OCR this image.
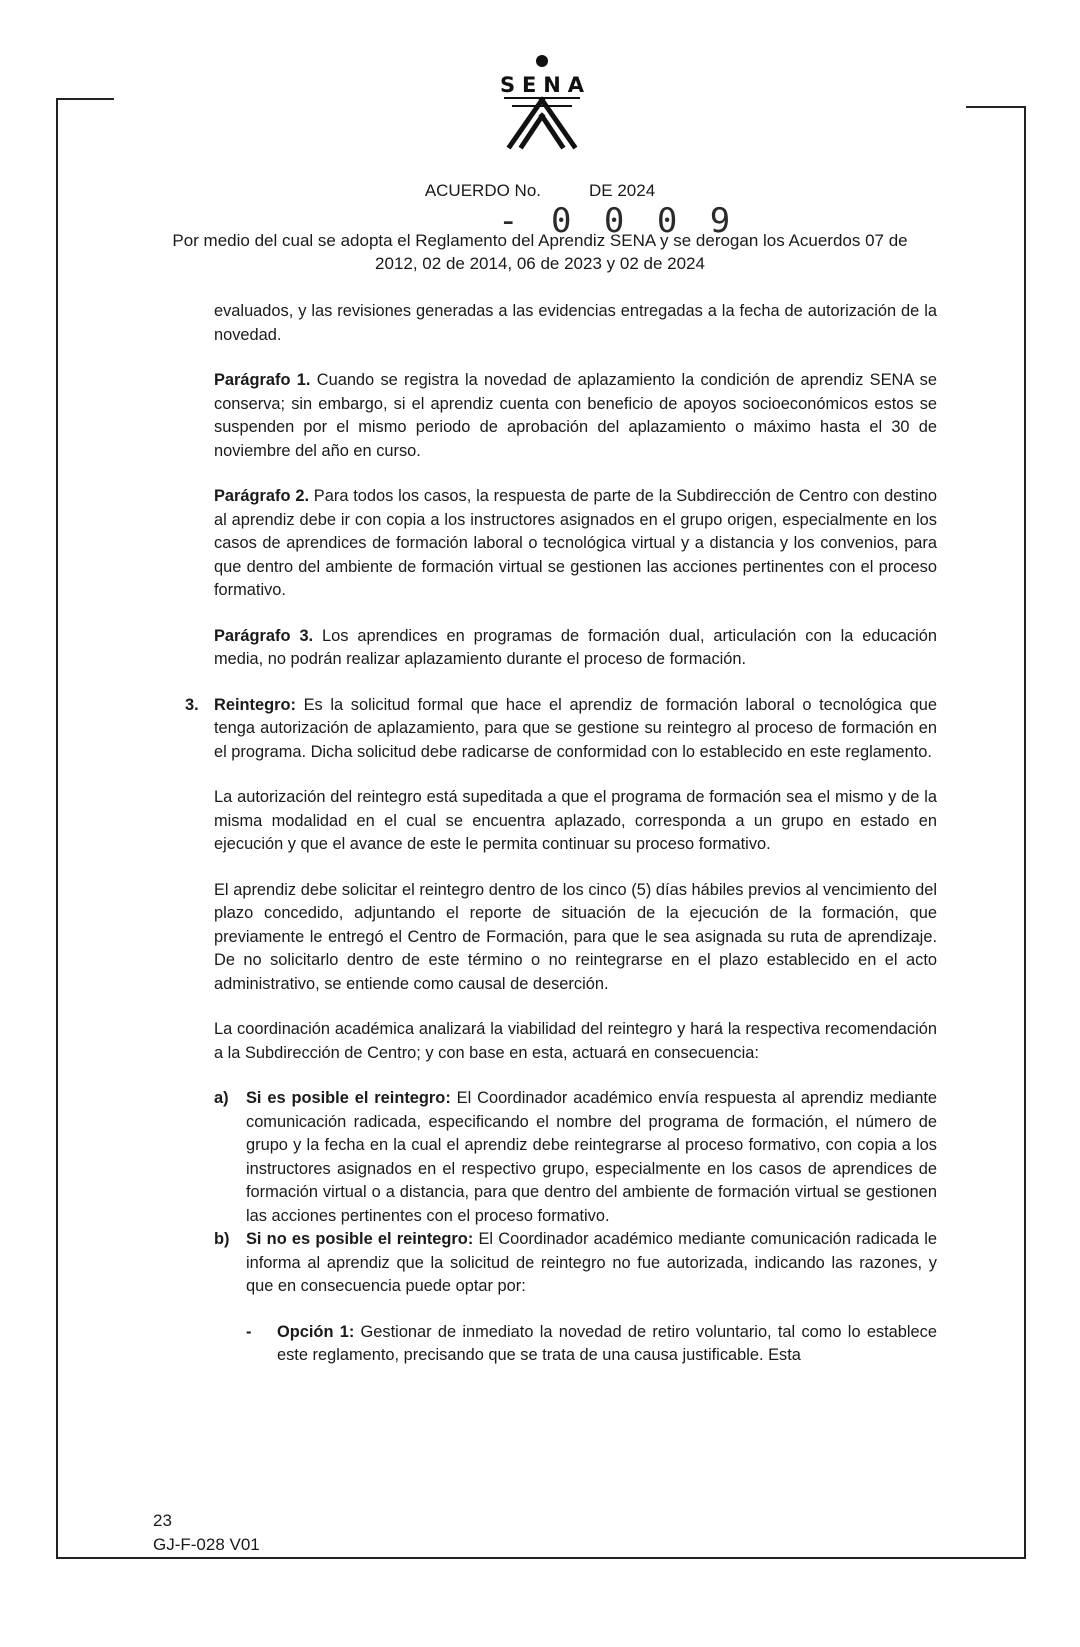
SENA
ACUERDO No.	DE 2024
- 0 0 0 9
Por medio del cual se adopta el Reglamento del Aprendiz SENA y se derogan los Acuerdos 07 de
2012, 02 de 2014, 06 de 2023 y 02 de 2024

evaluados, y las revisiones generadas a las evidencias entregadas a la fecha de autorización de la novedad.

Parágrafo 1. Cuando se registra la novedad de aplazamiento la condición de aprendiz SENA se conserva; sin embargo, si el aprendiz cuenta con beneficio de apoyos socioeconómicos estos se suspenden por el mismo periodo de aprobación del aplazamiento o máximo hasta el 30 de noviembre del año en curso.

Parágrafo 2. Para todos los casos, la respuesta de parte de la Subdirección de Centro con destino al aprendiz debe ir con copia a los instructores asignados en el grupo origen, especialmente en los casos de aprendices de formación laboral o tecnológica virtual y a distancia y los convenios, para que dentro del ambiente de formación virtual se gestionen las acciones pertinentes con el proceso formativo.

Parágrafo 3. Los aprendices en programas de formación dual, articulación con la educación media, no podrán realizar aplazamiento durante el proceso de formación.

3. Reintegro: Es la solicitud formal que hace el aprendiz de formación laboral o tecnológica que tenga autorización de aplazamiento, para que se gestione su reintegro al proceso de formación en el programa. Dicha solicitud debe radicarse de conformidad con lo establecido en este reglamento.

La autorización del reintegro está supeditada a que el programa de formación sea el mismo y de la misma modalidad en el cual se encuentra aplazado, corresponda a un grupo en estado en ejecución y que el avance de este le permita continuar su proceso formativo.

El aprendiz debe solicitar el reintegro dentro de los cinco (5) días hábiles previos al vencimiento del plazo concedido, adjuntando el reporte de situación de la ejecución de la formación, que previamente le entregó el Centro de Formación, para que le sea asignada su ruta de aprendizaje. De no solicitarlo dentro de este término o no reintegrarse en el plazo establecido en el acto administrativo, se entiende como causal de deserción.

La coordinación académica analizará la viabilidad del reintegro y hará la respectiva recomendación a la Subdirección de Centro; y con base en esta, actuará en consecuencia:

a) Si es posible el reintegro: El Coordinador académico envía respuesta al aprendiz mediante comunicación radicada, especificando el nombre del programa de formación, el número de grupo y la fecha en la cual el aprendiz debe reintegrarse al proceso formativo, con copia a los instructores asignados en el respectivo grupo, especialmente en los casos de aprendices de formación virtual o a distancia, para que dentro del ambiente de formación virtual se gestionen las acciones pertinentes con el proceso formativo.

b) Si no es posible el reintegro: El Coordinador académico mediante comunicación radicada le informa al aprendiz que la solicitud de reintegro no fue autorizada, indicando las razones, y que en consecuencia puede optar por:

- Opción 1: Gestionar de inmediato la novedad de retiro voluntario, tal como lo establece este reglamento, precisando que se trata de una causa justificable. Esta

23
GJ-F-028 V01
